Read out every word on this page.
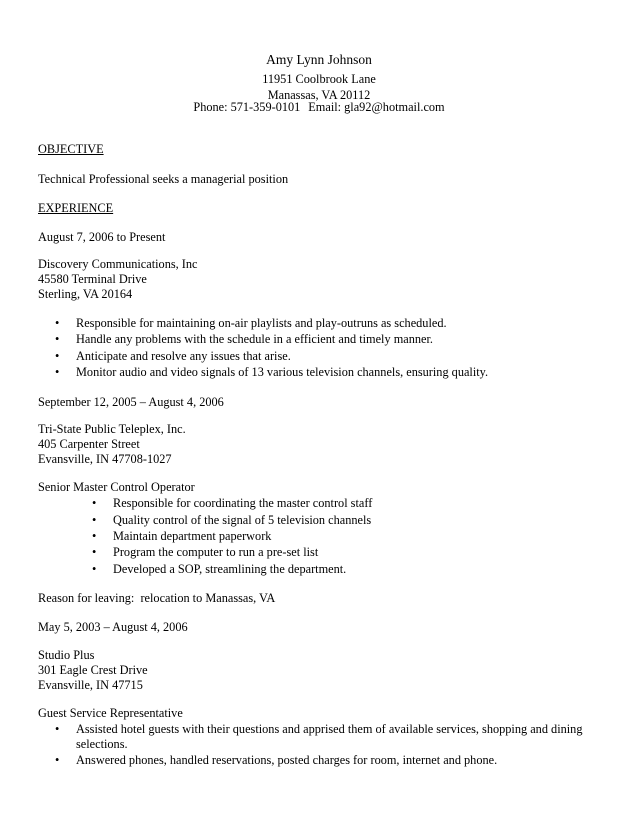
Amy Lynn Johnson
11951 Coolbrook Lane
Manassas, VA 20112
Phone: 571-359-0101 Email: gla92@hotmail.com
OBJECTIVE
Technical Professional seeks a managerial position
EXPERIENCE
August 7, 2006 to Present
Discovery Communications, Inc
45580 Terminal Drive
Sterling, VA 20164
• Responsible for maintaining on-air playlists and play-outruns as scheduled.
• Handle any problems with the schedule in a efficient and timely manner.
• Anticipate and resolve any issues that arise.
• Monitor audio and video signals of 13 various television channels, ensuring quality.
September 12, 2005 – August 4, 2006
Tri-State Public Teleplex, Inc.
405 Carpenter Street
Evansville, IN 47708-1027
Senior Master Control Operator
• Responsible for coordinating the master control staff
• Quality control of the signal of 5 television channels
• Maintain department paperwork
• Program the computer to run a pre-set list
• Developed a SOP, streamlining the department.
Reason for leaving:  relocation to Manassas, VA
May 5, 2003 – August 4, 2006
Studio Plus
301 Eagle Crest Drive
Evansville, IN 47715
Guest Service Representative
• Assisted hotel guests with their questions and apprised them of available services, shopping and dining
selections.
• Answered phones, handled reservations, posted charges for room, internet and phone.
